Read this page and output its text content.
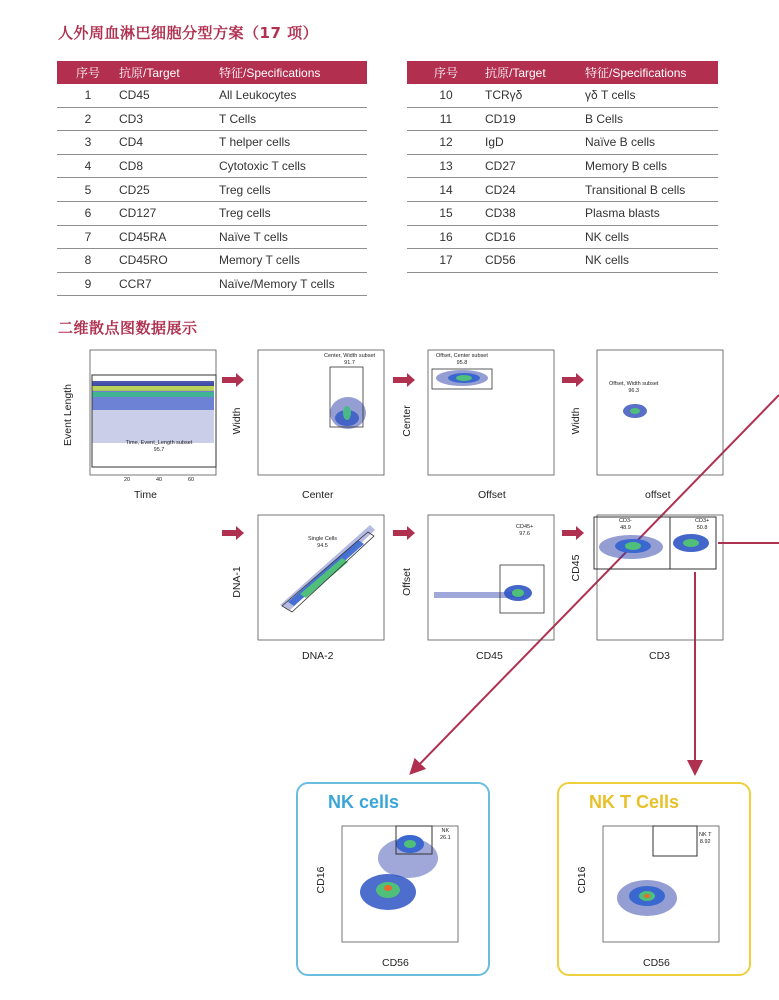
人外周血淋巴细胞分型方案（17 项）
序号	抗原/Target	特征/Specifications
1	CD45	All Leukocytes
2	CD3	T Cells
3	CD4	T helper cells
4	CD8	Cytotoxic T cells
5	CD25	Treg cells
6	CD127	Treg cells
7	CD45RA	Naïve T cells
8	CD45RO	Memory T cells
9	CCR7	Naïve/Memory T cells
序号	抗原/Target	特征/Specifications
10	TCRγδ	γδ T cells
11	CD19	B Cells
12	IgD	Naïve B cells
13	CD27	Memory B cells
14	CD24	Transitional B cells
15	CD38	Plasma blasts
16	CD16	NK cells
17	CD56	NK cells
二维散点图数据展示
Time, Event_Length subset
95.7
Event Length
Time
20	40	60
Center, Width subset
91.7
Width
Center
Offset, Center subset
95.8
Center
Offset
Offset, Width subset
96.3
Width
offset
Single Cells
94.5
DNA-1
DNA-2
CD45+
97.6
Offset
CD45
CD3-
48.9
CD3+
50.8
CD45
CD3
NK cells
NK
26.1
CD16
CD56
NK T Cells
NK T
8.92
CD16
CD56
